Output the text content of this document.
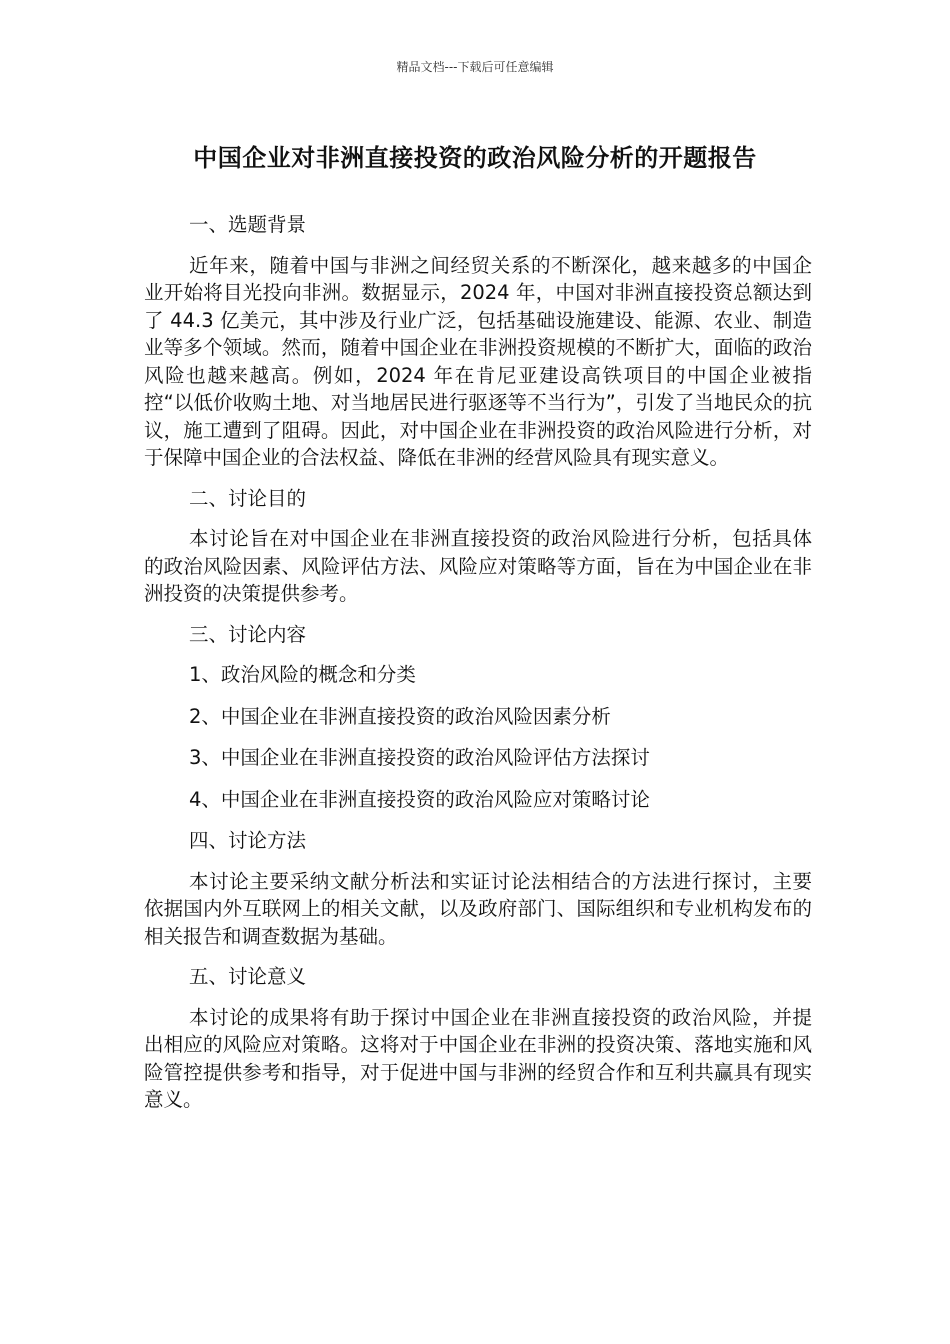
精品文档---下载后可任意编辑
中国企业对非洲直接投资的政治风险分析的开题报告
一、选题背景

近年来，随着中国与非洲之间经贸关系的不断深化，越来越多的中国企业开始将目光投向非洲。数据显示，2024 年，中国对非洲直接投资总额达到了 44.3 亿美元，其中涉及行业广泛，包括基础设施建设、能源、农业、制造业等多个领域。然而，随着中国企业在非洲投资规模的不断扩大，面临的政治风险也越来越高。例如，2024 年在肯尼亚建设高铁项目的中国企业被指控“以低价收购土地、对当地居民进行驱逐等不当行为”，引发了当地民众的抗议，施工遭到了阻碍。因此，对中国企业在非洲投资的政治风险进行分析，对于保障中国企业的合法权益、降低在非洲的经营风险具有现实意义。

二、讨论目的

本讨论旨在对中国企业在非洲直接投资的政治风险进行分析，包括具体的政治风险因素、风险评估方法、风险应对策略等方面，旨在为中国企业在非洲投资的决策提供参考。

三、讨论内容
1、政治风险的概念和分类
2、中国企业在非洲直接投资的政治风险因素分析
3、中国企业在非洲直接投资的政治风险评估方法探讨
4、中国企业在非洲直接投资的政治风险应对策略讨论
四、讨论方法

本讨论主要采纳文献分析法和实证讨论法相结合的方法进行探讨，主要依据国内外互联网上的相关文献，以及政府部门、国际组织和专业机构发布的相关报告和调查数据为基础。

五、讨论意义

本讨论的成果将有助于探讨中国企业在非洲直接投资的政治风险，并提出相应的风险应对策略。这将对于中国企业在非洲的投资决策、落地实施和风险管控提供参考和指导，对于促进中国与非洲的经贸合作和互利共赢具有现实意义。
